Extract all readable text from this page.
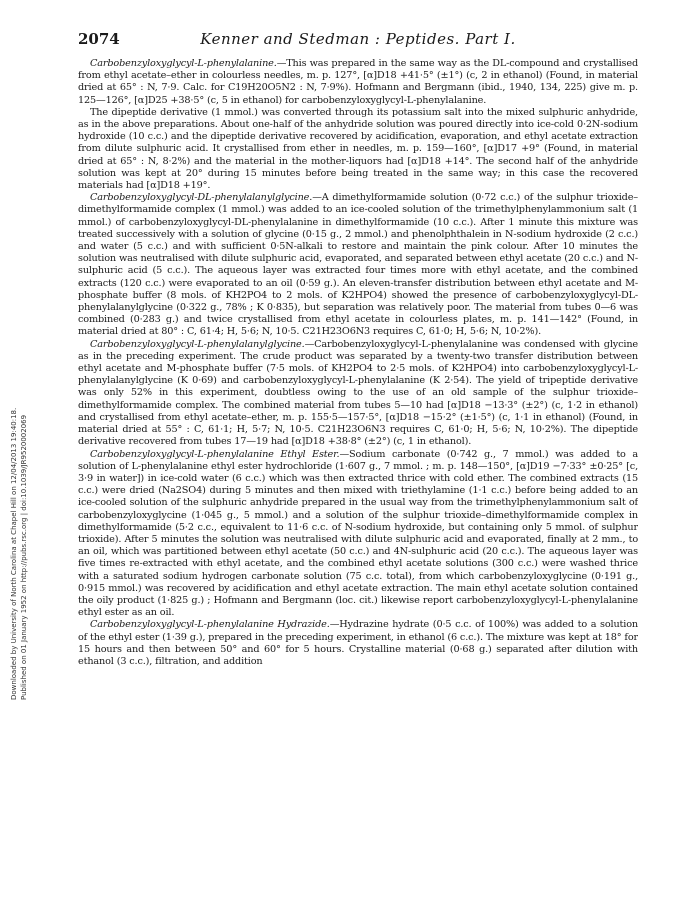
2074	Kenner and Stedman : Peptides. Part I.
Downloaded by University of North Carolina at Chapel Hill on 12/04/2013 19:40:18. Published on 01 January 1952 on http://pubs.rsc.org | doi:10.1039/JR9520002069

Carbobenzyloxyglycyl-L-phenylalanine.—This was prepared in the same way as the DL-compound and crystallised from ethyl acetate–ether in colourless needles, m. p. 127°, [α]D18 +41·5° (±1°) (c, 2 in ethanol) (Found, in material dried at 65° : N, 7·9. Calc. for C19H20O5N2 : N, 7·9%). Hofmann and Bergmann (ibid., 1940, 134, 225) give m. p. 125—126°, [α]D25 +38·5° (c, 5 in ethanol) for carbobenzyloxyglycyl-L-phenylalanine.

The dipeptide derivative (1 mmol.) was converted through its potassium salt into the mixed sulphuric anhydride, as in the above preparations. About one-half of the anhydride solution was poured directly into ice-cold 0·2N-sodium hydroxide (10 c.c.) and the dipeptide derivative recovered by acidification, evaporation, and ethyl acetate extraction from dilute sulphuric acid. It crystallised from ether in needles, m. p. 159—160°, [α]D17 +9° (Found, in material dried at 65° : N, 8·2%) and the material in the mother-liquors had [α]D18 +14°. The second half of the anhydride solution was kept at 20° during 15 minutes before being treated in the same way; in this case the recovered materials had [α]D18 +19°.

Carbobenzyloxyglycyl-DL-phenylalanylglycine.—A dimethylformamide solution (0·72 c.c.) of the sulphur trioxide–dimethylformamide complex (1 mmol.) was added to an ice-cooled solution of the trimethylphenylammonium salt (1 mmol.) of carbobenzyloxyglycyl-DL-phenylalanine in dimethylformamide (10 c.c.). After 1 minute this mixture was treated successively with a solution of glycine (0·15 g., 2 mmol.) and phenolphthalein in N-sodium hydroxide (2 c.c.) and water (5 c.c.) and with sufficient 0·5N-alkali to restore and maintain the pink colour. After 10 minutes the solution was neutralised with dilute sulphuric acid, evaporated, and separated between ethyl acetate (20 c.c.) and N-sulphuric acid (5 c.c.). The aqueous layer was extracted four times more with ethyl acetate, and the combined extracts (120 c.c.) were evaporated to an oil (0·59 g.). An eleven-transfer distribution between ethyl acetate and M-phosphate buffer (8 mols. of KH2PO4 to 2 mols. of K2HPO4) showed the presence of carbobenzyloxyglycyl-DL-phenylalanylglycine (0·322 g., 78% ; K 0·835), but separation was relatively poor. The material from tubes 0—6 was combined (0·283 g.) and twice crystallised from ethyl acetate in colourless plates, m. p. 141—142° (Found, in material dried at 80° : C, 61·4; H, 5·6; N, 10·5. C21H23O6N3 requires C, 61·0; H, 5·6; N, 10·2%).

Carbobenzyloxyglycyl-L-phenylalanylglycine.—Carbobenzyloxyglycyl-L-phenylalanine was condensed with glycine as in the preceding experiment. The crude product was separated by a twenty-two transfer distribution between ethyl acetate and M-phosphate buffer (7·5 mols. of KH2PO4 to 2·5 mols. of K2HPO4) into carbobenzyloxyglycyl-L-phenylalanylglycine (K 0·69) and carbobenzyloxyglycyl-L-phenylalanine (K 2·54). The yield of tripeptide derivative was only 52% in this experiment, doubtless owing to the use of an old sample of the sulphur trioxide–dimethylformamide complex. The combined material from tubes 5—10 had [α]D18 −13·3° (±2°) (c, 1·2 in ethanol) and crystallised from ethyl acetate–ether, m. p. 155·5—157·5°, [α]D18 −15·2° (±1·5°) (c, 1·1 in ethanol) (Found, in material dried at 55° : C, 61·1; H, 5·7; N, 10·5. C21H23O6N3 requires C, 61·0; H, 5·6; N, 10·2%). The dipeptide derivative recovered from tubes 17—19 had [α]D18 +38·8° (±2°) (c, 1 in ethanol).

Carbobenzyloxyglycyl-L-phenylalanine Ethyl Ester.—Sodium carbonate (0·742 g., 7 mmol.) was added to a solution of L-phenylalanine ethyl ester hydrochloride (1·607 g., 7 mmol. ; m. p. 148—150°, [α]D19 −7·33° ±0·25° [c, 3·9 in water]) in ice-cold water (6 c.c.) which was then extracted thrice with cold ether. The combined extracts (15 c.c.) were dried (Na2SO4) during 5 minutes and then mixed with triethylamine (1·1 c.c.) before being added to an ice-cooled solution of the sulphuric anhydride prepared in the usual way from the trimethylphenylammonium salt of carbobenzyloxyglycine (1·045 g., 5 mmol.) and a solution of the sulphur trioxide–dimethylformamide complex in dimethylformamide (5·2 c.c., equivalent to 11·6 c.c. of N-sodium hydroxide, but containing only 5 mmol. of sulphur trioxide). After 5 minutes the solution was neutralised with dilute sulphuric acid and evaporated, finally at 2 mm., to an oil, which was partitioned between ethyl acetate (50 c.c.) and 4N-sulphuric acid (20 c.c.). The aqueous layer was five times re-extracted with ethyl acetate, and the combined ethyl acetate solutions (300 c.c.) were washed thrice with a saturated sodium hydrogen carbonate solution (75 c.c. total), from which carbobenzyloxyglycine (0·191 g., 0·915 mmol.) was recovered by acidification and ethyl acetate extraction. The main ethyl acetate solution contained the oily product (1·825 g.) ; Hofmann and Bergmann (loc. cit.) likewise report carbobenzyloxyglycyl-L-phenylalanine ethyl ester as an oil.

Carbobenzyloxyglycyl-L-phenylalanine Hydrazide.—Hydrazine hydrate (0·5 c.c. of 100%) was added to a solution of the ethyl ester (1·39 g.), prepared in the preceding experiment, in ethanol (6 c.c.). The mixture was kept at 18° for 15 hours and then between 50° and 60° for 5 hours. Crystalline material (0·68 g.) separated after dilution with ethanol (3 c.c.), filtration, and addition
